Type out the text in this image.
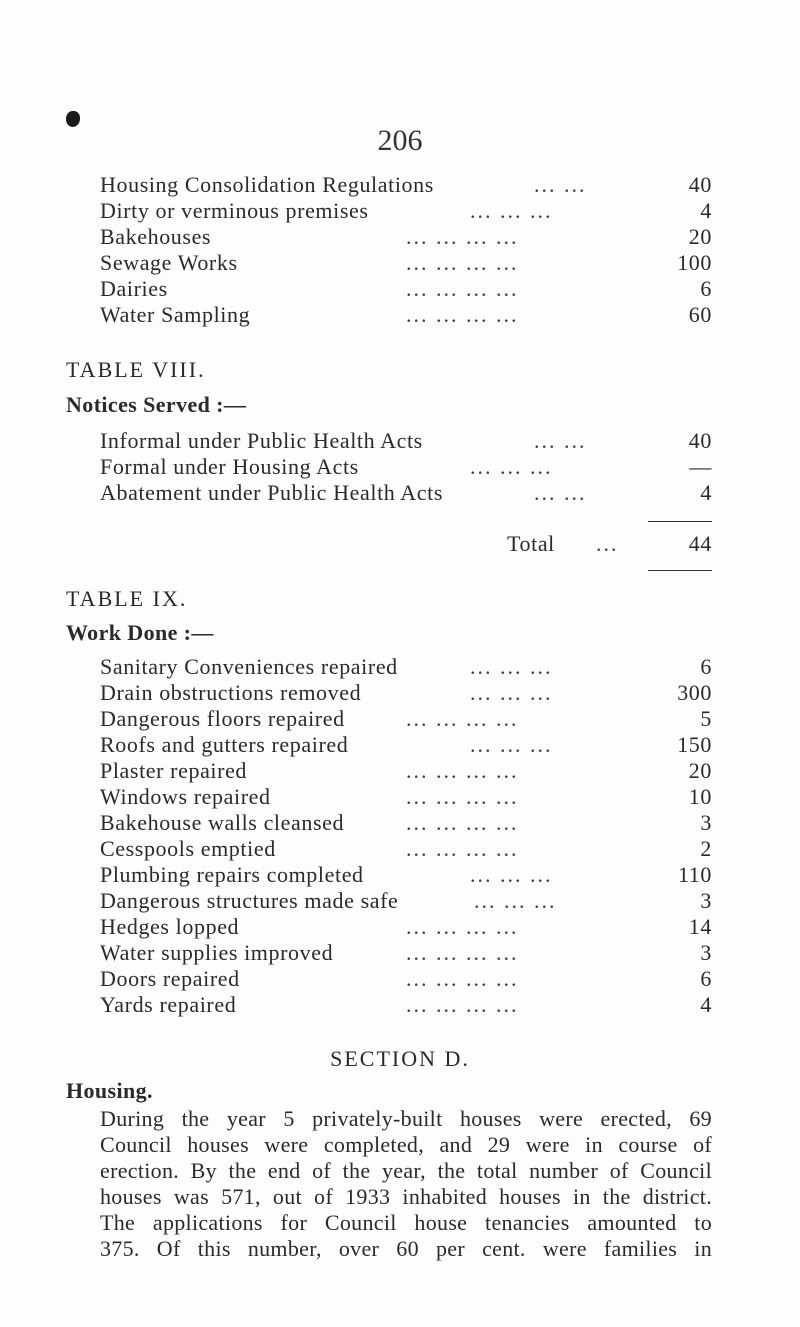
206
Housing Consolidation Regulations	... ...	40
Dirty or verminous premises	... ... ...	4
Bakehouses	... ... ... ...	20
Sewage Works	... ... ... ...	100
Dairies	... ... ... ...	6
Water Sampling	... ... ... ...	60
TABLE VIII.
Notices Served :—
Informal under Public Health Acts	... ...	40
Formal under Housing Acts	... ... ...	—
Abatement under Public Health Acts	... ...	4
Total ...	44
TABLE IX.
Work Done :—
Sanitary Conveniences repaired	... ... ...	6
Drain obstructions removed	... ... ...	300
Dangerous floors repaired	... ... ... ...	5
Roofs and gutters repaired	... ... ...	150
Plaster repaired	... ... ... ...	20
Windows repaired	... ... ... ...	10
Bakehouse walls cleansed	... ... ... ...	3
Cesspools emptied	... ... ... ...	2
Plumbing repairs completed	... ... ...	110
Dangerous structures made safe	... ... ...	3
Hedges lopped	... ... ... ...	14
Water supplies improved	... ... ... ...	3
Doors repaired	... ... ... ...	6
Yards repaired	... ... ... ...	4
SECTION D.
Housing.
During the year 5 privately-built houses were erected, 69
Council houses were completed, and 29 were in course of
erection. By the end of the year, the total number of Council
houses was 571, out of 1933 inhabited houses in the district.
The applications for Council house tenancies amounted to
375. Of this number, over 60 per cent. were families in
